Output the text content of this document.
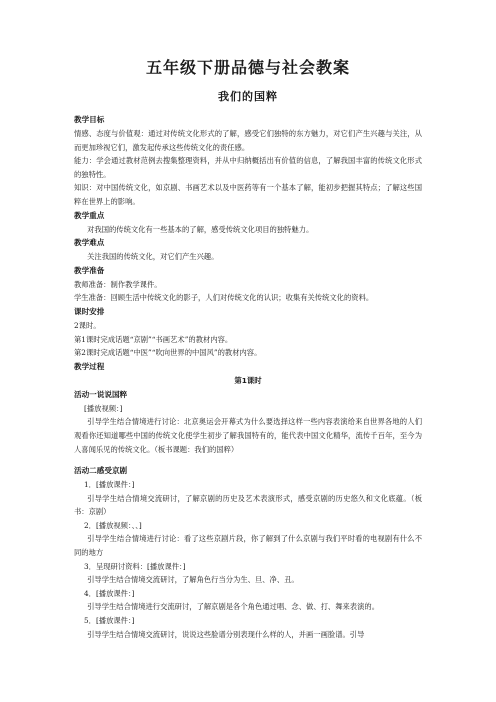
五年级下册品德与社会教案
我们的国粹

教学目标

情感、态度与价值观：通过对传统文化形式的了解，感受它们独特的东方魅力，对它们产生兴趣与关注，从而更加珍视它们，激发起传承这些传统文化的责任感。

能力：学会通过教材范例去搜集整理资料，并从中归纳概括出有价值的信息，了解我国丰富的传统文化形式的独特性。

知识：对中国传统文化，如京剧、书画艺术以及中医药等有一个基本了解，能初步把握其特点；了解这些国粹在世界上的影响。

教学重点

对我国的传统文化有一些基本的了解，感受传统文化项目的独特魅力。

教学难点

关注我国的传统文化，对它们产生兴趣。

教学准备

教师准备：制作教学课件。

学生准备：回顾生活中传统文化的影子，人们对传统文化的认识；收集有关传统文化的资料。

课时安排

2课时。

第1课时完成话题“京剧”“书画艺术”的教材内容。

第2课时完成话题“中医”“吹向世界的中国风”的教材内容。

教学过程

第1课时

活动一说说国粹

[播放视频：]

引导学生结合情境进行讨论：北京奥运会开幕式为什么要选择这样一些内容表演给来自世界各地的人们观看你还知道哪些中国的传统文化使学生初步了解我国特有的，能代表中国文化精华，流传千百年，至今为人喜闻乐见的传统文化。（板书课题：我们的国粹）

活动二感受京剧

1．[播放课件：]

引导学生结合情境交流研讨，了解京剧的历史及艺术表演形式，感受京剧的历史悠久和文化底蕴。（板书：京剧）

2．[播放视频：、、]

引导学生结合情境进行讨论：看了这些京剧片段，你了解到了什么京剧与我们平时看的电视剧有什么不同的地方

3．呈现研讨资料：[播放课件：]

引导学生结合情境交流研讨，了解角色行当分为生、旦、净、丑。

4．[播放课件：]

引导学生结合情境进行交流研讨，了解京剧是各个角色通过唱、念、做、打、舞来表演的。

5．[播放课件：]

引导学生结合情境交流研讨，说说这些脸谱分别表现什么样的人，并画一画脸谱。引导
